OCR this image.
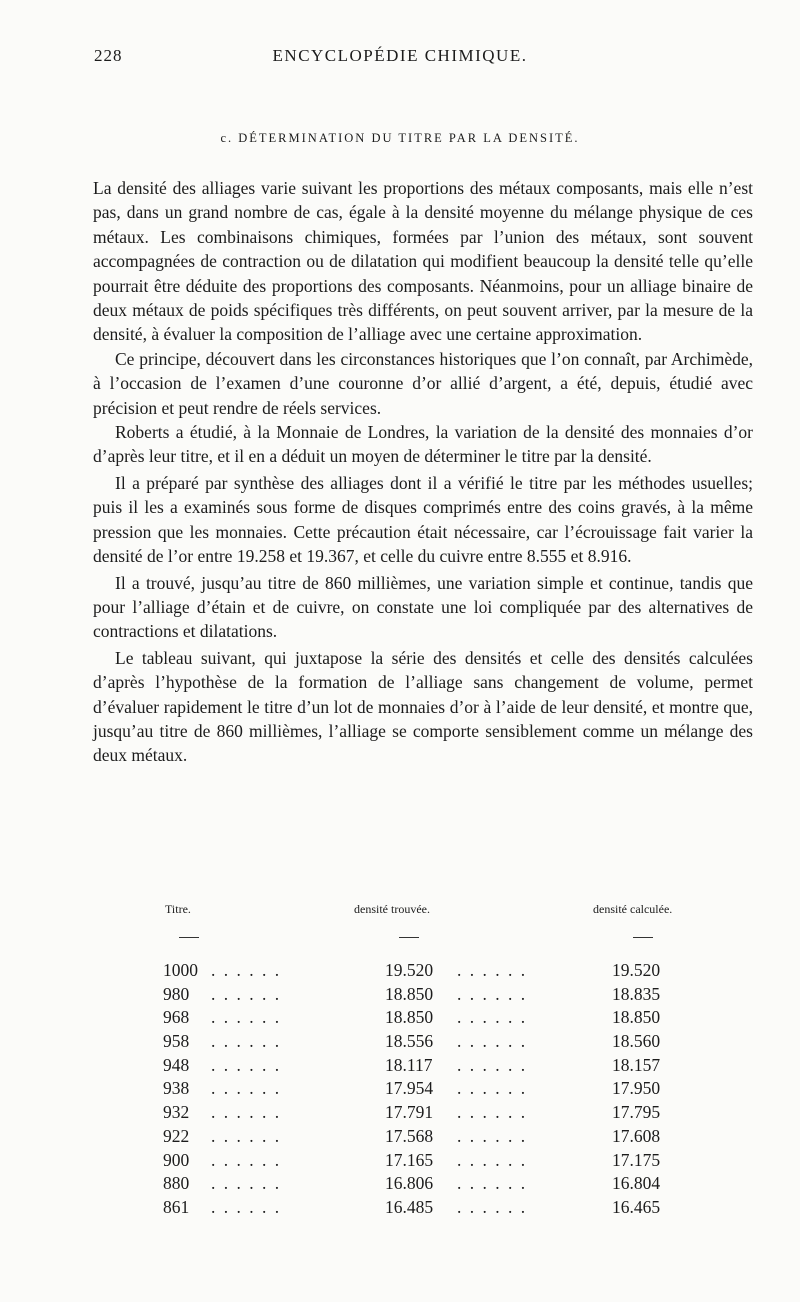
228	ENCYCLOPÉDIE CHIMIQUE.
c. DÉTERMINATION DU TITRE PAR LA DENSITÉ.

La densité des alliages varie suivant les proportions des métaux composants, mais elle n’est pas, dans un grand nombre de cas, égale à la densité moyenne du mélange physique de ces métaux. Les combinaisons chimiques, formées par l’union des métaux, sont souvent accompagnées de contraction ou de dilatation qui modifient beaucoup la densité telle qu’elle pourrait être déduite des proportions des composants. Néanmoins, pour un alliage binaire de deux métaux de poids spécifiques très différents, on peut souvent arriver, par la mesure de la densité, à évaluer la composition de l’alliage avec une certaine approximation.

Ce principe, découvert dans les circonstances historiques que l’on connaît, par Archimède, à l’occasion de l’examen d’une couronne d’or allié d’argent, a été, depuis, étudié avec précision et peut rendre de réels services.

Roberts a étudié, à la Monnaie de Londres, la variation de la densité des monnaies d’or d’après leur titre, et il en a déduit un moyen de déterminer le titre par la densité.

Il a préparé par synthèse des alliages dont il a vérifié le titre par les méthodes usuelles; puis il les a examinés sous forme de disques comprimés entre des coins gravés, à la même pression que les monnaies. Cette précaution était nécessaire, car l’écrouissage fait varier la densité de l’or entre 19.258 et 19.367, et celle du cuivre entre 8.555 et 8.916.

Il a trouvé, jusqu’au titre de 860 millièmes, une variation simple et continue, tandis que pour l’alliage d’étain et de cuivre, on constate une loi compliquée par des alternatives de contractions et dilatations.

Le tableau suivant, qui juxtapose la série des densités et celle des densités calculées d’après l’hypothèse de la formation de l’alliage sans changement de volume, permet d’évaluer rapidement le titre d’un lot de monnaies d’or à l’aide de leur densité, et montre que, jusqu’au titre de 860 millièmes, l’alliage se comporte sensiblement comme un mélange des deux métaux.

Titre.	densité trouvée.	densité calculée.
1000 . . . . . .	19.520 . . . . . .	19.520
980 . . . . . .	18.850 . . . . . .	18.835
968 . . . . . .	18.850 . . . . . .	18.850
958 . . . . . .	18.556 . . . . . .	18.560
948 . . . . . .	18.117 . . . . . .	18.157
938 . . . . . .	17.954 . . . . . .	17.950
932 . . . . . .	17.791 . . . . . .	17.795
922 . . . . . .	17.568 . . . . . .	17.608
900 . . . . . .	17.165 . . . . . .	17.175
880 . . . . . .	16.806 . . . . . .	16.804
861 . . . . . .	16.485 . . . . . .	16.465
